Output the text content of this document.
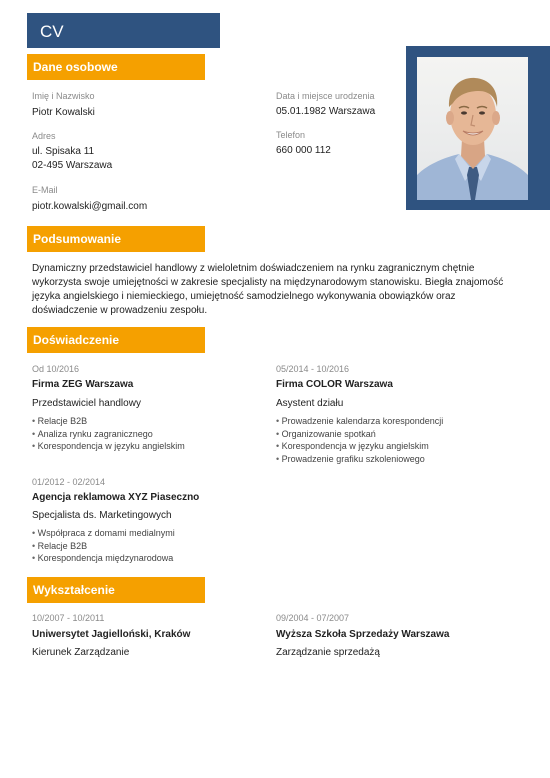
CV
Dane osobowe
Imię i Nazwisko
Piotr Kowalski
Adres
ul. Spisaka 11
02-495 Warszawa
E-Mail
piotr.kowalski@gmail.com
Data i miejsce urodzenia
05.01.1982 Warszawa
Telefon
660 000 112
Podsumowanie
Dynamiczny przedstawiciel handlowy z wieloletnim doświadczeniem na rynku zagranicznym chętnie wykorzysta swoje umiejętności w zakresie specjalisty na międzynarodowym stanowisku. Biegła znajomość języka angielskiego i niemieckiego, umiejętność samodzielnego wykonywania obowiązków oraz doświadczenie w prowadzeniu zespołu.
Doświadczenie
Od 10/2016
Firma ZEG Warszawa
Przedstawiciel handlowy
• Relacje B2B
• Analiza rynku zagranicznego
• Korespondencja w języku angielskim
05/2014 - 10/2016
Firma COLOR Warszawa
Asystent działu
• Prowadzenie kalendarza korespondencji
• Organizowanie spotkań
• Korespondencja w języku angielskim
• Prowadzenie grafiku szkoleniowego
01/2012 - 02/2014
Agencja reklamowa XYZ Piaseczno
Specjalista ds. Marketingowych
• Współpraca z domami medialnymi
• Relacje B2B
• Korespondencja międzynarodowa
Wykształcenie
10/2007 - 10/2011
Uniwersytet Jagielloński, Kraków
Kierunek Zarządzanie
09/2004 - 07/2007
Wyższa Szkoła Sprzedaży Warszawa
Zarządzanie sprzedażą
